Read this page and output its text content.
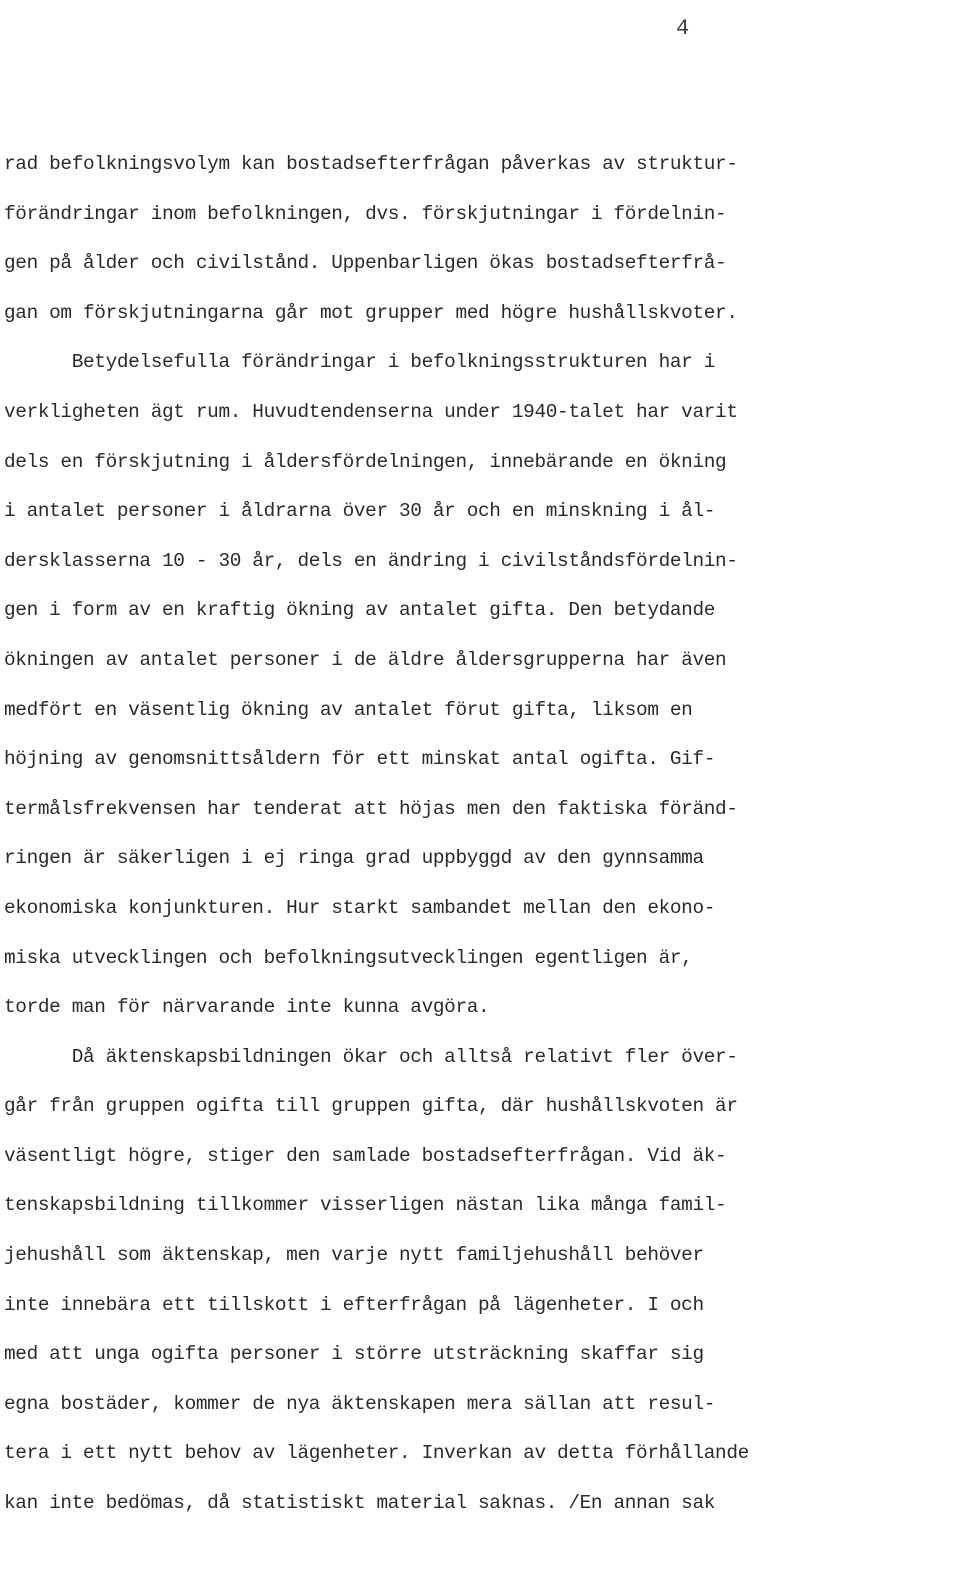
4
rad befolkningsvolym kan bostadsefterfrågan påverkas av struktur-
förändringar inom befolkningen, dvs. förskjutningar i fördelnin-
gen på ålder och civilstånd. Uppenbarligen ökas bostadsefterfrå-
gan om förskjutningarna går mot grupper med högre hushållskvoter.
Betydelsefulla förändringar i befolkningsstrukturen har i
verkligheten ägt rum. Huvudtendenserna under 1940-talet har varit
dels en förskjutning i åldersfördelningen, innebärande en ökning
i antalet personer i åldrarna över 30 år och en minskning i ål-
dersklasserna 10 - 30 år, dels en ändring i civilståndsfördelnin-
gen i form av en kraftig ökning av antalet gifta. Den betydande
ökningen av antalet personer i de äldre åldersgrupperna har även
medfört en väsentlig ökning av antalet förut gifta, liksom en
höjning av genomsnittsåldern för ett minskat antal ogifta. Gif-
termålsfrekvensen har tenderat att höjas men den faktiska föränd-
ringen är säkerligen i ej ringa grad uppbyggd av den gynnsamma
ekonomiska konjunkturen. Hur starkt sambandet mellan den ekono-
miska utvecklingen och befolkningsutvecklingen egentligen är,
torde man för närvarande inte kunna avgöra.
Då äktenskapsbildningen ökar och alltså relativt fler över-
går från gruppen ogifta till gruppen gifta, där hushållskvoten är
väsentligt högre, stiger den samlade bostadsefterfrågan. Vid äk-
tenskapsbildning tillkommer visserligen nästan lika många famil-
jehushåll som äktenskap, men varje nytt familjehushåll behöver
inte innebära ett tillskott i efterfrågan på lägenheter. I och
med att unga ogifta personer i större utsträckning skaffar sig
egna bostäder, kommer de nya äktenskapen mera sällan att resul-
tera i ett nytt behov av lägenheter. Inverkan av detta förhållande
kan inte bedömas, då statistiskt material saknas. /En annan sak
